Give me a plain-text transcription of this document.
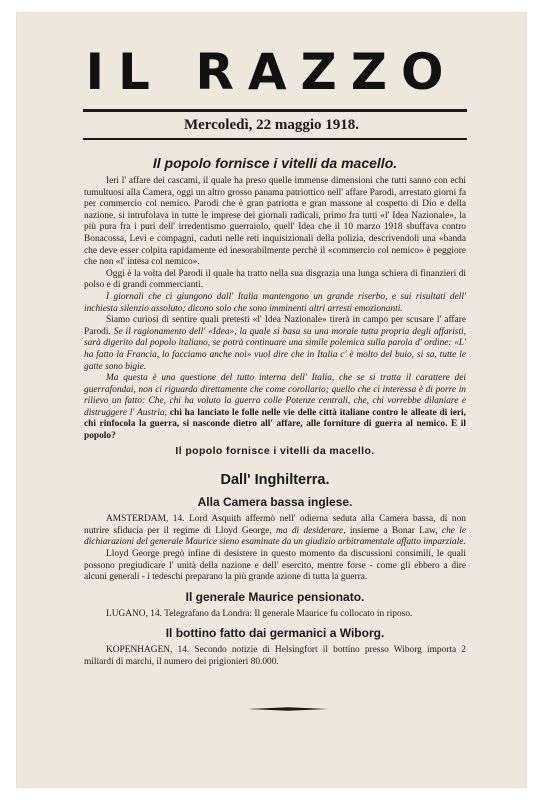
IL RAZZO
Mercoledì, 22 maggio 1918.
Il popolo fornisce i vitelli da macello.

Ieri l' affare dei cascami, il quale ha preso quelle immense dimensioni che tutti sanno con echi tumultuosi alla Camera, oggi un altro grosso panama patriottico nell' affare Parodi, arrestato giorni fa per commercio col nemico. Parodi che è gran patriotta e gran massone al cospetto di Dio e della nazione, si intrufolava in tutte le imprese dei giornali radicali, primo fra tutti «l' Idea Nazionale», la più pura fra i puri dell' irredentismo guerraiolo, quell' Idea che il 10 marzo 1918 sbuffava contro Bonacossa, Levi e compagni, caduti nelle reti inquisizionali della polizia, descrivendoli una «banda che deve esser colpita rapidamente ed inesorabilmente perchè il «commercio col nemico» è peggiore che non «l' intesa col nemico».

Oggi è la volta del Parodi il quale ha tratto nella sua disgrazia una lunga schiera di finanzieri di polso e di grandi commercianti.

I giornali che ci giungono dall' Italia mantengono un grande riserbo, e sui risultati dell' inchiesta silenzio assoluto; dicono solo che sono imminenti altri arresti emozionanti.

Siamo curiosi di sentire quali pretesti «l' Idea Nazionale» tirerà in campo per scusare l' affare Parodi. Se il ragionamento dell' «Idea», la quale si basa su una morale tutta propria degli affaristi, sarà digerito dal popolo italiano, se potrà continuare una simile polemica sulla parola d' ordine: «L' ha fatto la Francia, lo facciamo anche noi» vuol dire che in Italia c' è molto del buio, si sa, tutte le gatte sono bigie.

Ma questa è una questione del tutto interna dell' Italia, che se si tratta il carattere dei guerrafondai, non ci riguarda direttamente che come corollario; quello che ci interessa è di porre in rilievo un fatto: Che, chi ha voluto la guerra colle Potenze centrali, che, chi vorrebbe dilaniare e distruggere l' Austria, chi ha lanciato le folle nelle vie delle città italiane contro le alleate di ieri, chi rinfocola la guerra, si nasconde dietro all' affare, alle forniture di guerra al nemico. E il popolo?

Il popolo fornisce i vitelli da macello.
Dall' Inghilterra.
Alla Camera bassa inglese.

AMSTERDAM, 14. Lord Asquith affermò nell' odierna seduta alla Camera bassa, di non nutrire sfiducia per il regime di Lloyd George, ma di desiderare, insieme a Bonar Law, che le dichiarazioni del generale Maurice sieno esaminate da un giudizio arbitramentale affatto imparziale.

Lloyd George pregò infine di desistere in questo momento da discussioni consimili, le quali possono pregiudicare l' unità della nazione e dell' esercito, mentre forse - come gli ebbero a dire alcuni generali - i tedeschi preparano la più grande azione di tutta la guerra.

Il generale Maurice pensionato.

LUGANO, 14. Telegrafano da Londra: Il generale Maurice fu collocato in riposo.

Il bottino fatto dai germanici a Wiborg.

KOPENHAGEN, 14. Secondo notizie di Helsingfort il bottino presso Wiborg importa 2 miliardi di marchi, il numero dei prigionieri 80.000.
